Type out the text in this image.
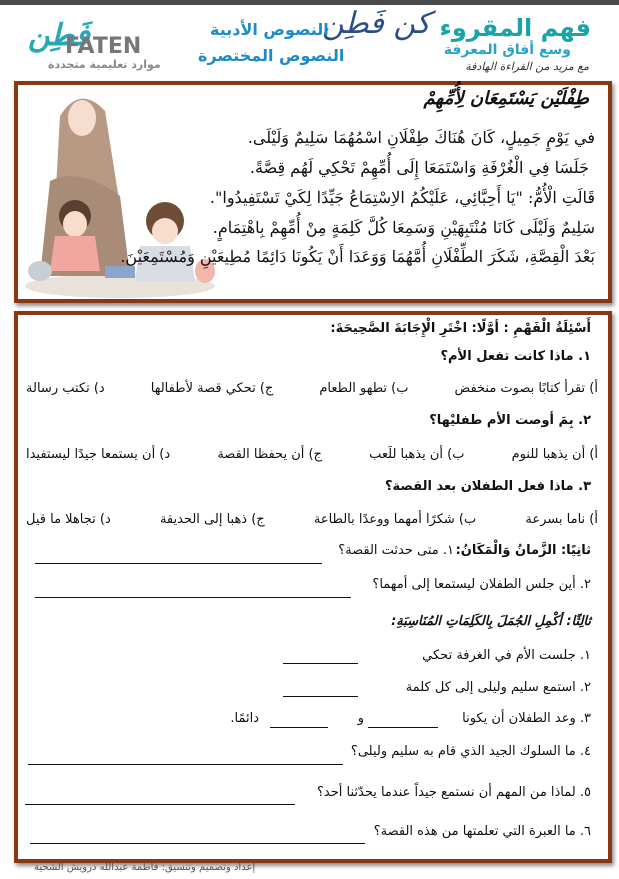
فهم المقروء
وسع أفاق المعرفة
مع مزيد من القراءة الهادفة
كن فَطِن
النصوص الأدبية
النصوص المختصرة
فَطِن
FATEN
موارد تعليمية متجددة
طِفْلَيْن يَسْتَمِعَان لِأُمِّهِمْ
في يَوْمٍ جَمِيلٍ، كَانَ هُنَاكَ طِفْلَانِ اسْمُهُمَا سَلِيمٌ وَلَيْلَى.
جَلَسَا فِي الْغُرْفَةِ وَاسْتَمَعَا إِلَى أُمِّهِمْ تَحْكِي لَهُم قِصَّةً.
قَالَتِ الْأُمُّ: "يَا أَحِبَّائِي، عَلَيْكُمُ الاِسْتِمَاعُ جَيِّدًا لِكَيْ تَسْتَفِيدُوا".
سَلِيمٌ وَلَيْلَى كَانَا مُنْتَبِهَيْنِ وَسَمِعَا كُلَّ كَلِمَةٍ مِنْ أُمِّهِمْ بِاهْتِمَامٍ.
بَعْدَ الْقِصَّةِ، شَكَرَ الطِّفْلَانِ أُمَّهُمَا وَوَعَدَا أَنْ يَكُونَا دَائِمًا مُطِيعَيْنِ وَمُسْتَمِعَيْنَ.
أَسْئِلَةُ الْفَهْمِ : أوَّلًا: اخْتَرِ الْإِجَابَةَ الصَّحِيحَةَ:
١. ماذا كانت تفعل الأم؟
أ) تقرأ كتابًا بصوت منخفض
ب) تطهو الطعام
ج) تحكي قصة لأطفالها
د) تكتب رسالة
٢. بِمَ أوصت الأم طفليْها؟
أ) أن يذهبا للنوم
ب) أن يذهبا للَعب
ج) أن يحفظا القصة
د) أن يستمعا جيدًا ليستفيدا
٣. ماذا فعل الطفلان بعد القصة؟
أ) ناما بسرعة
ب) شكرًا أمهما ووعدًا بالطاعة
ج) ذهبا إلى الحديقة
د) تجاهلا ما قيل
ثانِيًا: الزَّمانُ وَالْمَكَانُ:
١. متى حدثت القصة؟
٢. أين جلس الطفلان ليستمعا إلى أمهما؟
ثالِثًا: أكْمِلِ الجُمَلَ بِالكَلِمَاتِ المُنَاسِبَةِ:
١. جلست الأم في الغرفة تحكي
٢. استمع سليم وليلى إلى كل كلمة
٣. وعد الطفلان أن يكونا
و
دائمًا.
٤. ما السلوك الجيد الذي قام به سليم وليلى؟
٥. لماذا من المهم أن نستمع جيداً عندما يحدّثنا أحد؟
٦. ما العبرة التي تعلمتها من هذه القصة؟
إعداد وتصميم وتنسيق: فاطمة عبدالله درويش الشحية
